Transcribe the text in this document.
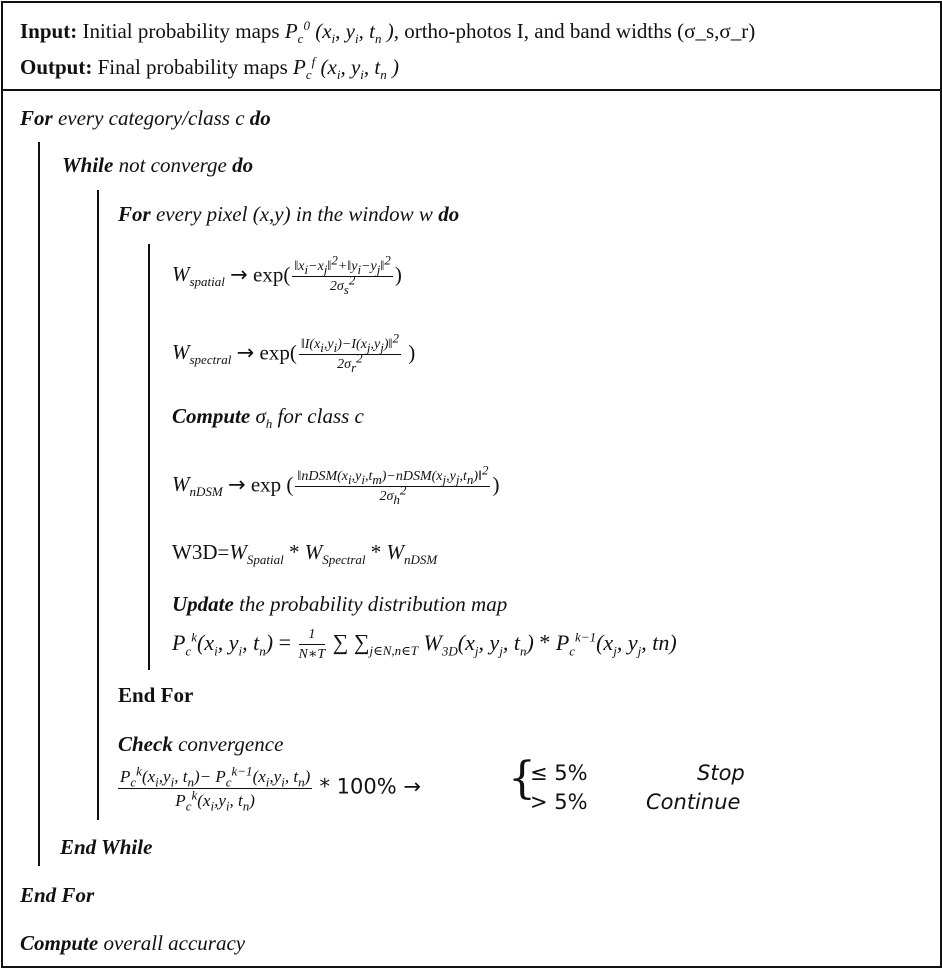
Input: Initial probability maps $P_c^0$ ($x_i$, $y_i$, $t_n$ ), ortho-photos I, and band widths (σ_s,σ_r)
Output: Final probability maps $P_c^f$ ($x_i$, $y_i$, $t_n$ )
For every category/class c do
While not converge do
For every pixel (x,y) in the window w do
$W_{spatial} \to \exp( \frac{‖x_i-x_j‖^2+‖y_i-y_j‖^2}{2\sigma_s^2}$ )
$W_{spectral} \to \exp( \frac{‖I(x_i,y_i)-I(x_j,y_j)‖^2}{2\sigma_r^2}$ )
Compute $\sigma_h$ for class c
$W_{nDSM} \to \exp$ ( $\frac{‖nDSM(x_i,y_i,t_m)-nDSM(x_j,y_j,t_n)‖^2}{2\sigma_h^2}$ )
$W3D=W_{Spatial} * W_{Spectral} * W_{nDSM}$
Update the probability distribution map
$P_c^k(x_i$, $y_i$, $t_n) = \frac{1}{N∗T}$ ∑ $\sum_{j\in N,n\in T}$ $W_{3D}(x_j$, $y_j$, $t_n) * P_c^{k-1}(x_j$, $y_j$, tn)
End For
Check convergence
$\frac{P_c^k(x_i,y_i, t_n)- P_c^{k-1}(x_i,y_i, t_n)}{P_c^k(x_i,y_i, t_n)} * 100\%$ → {
≤ 5%
> 5%
Stop
Continue
End While
End For
Compute overall accuracy
